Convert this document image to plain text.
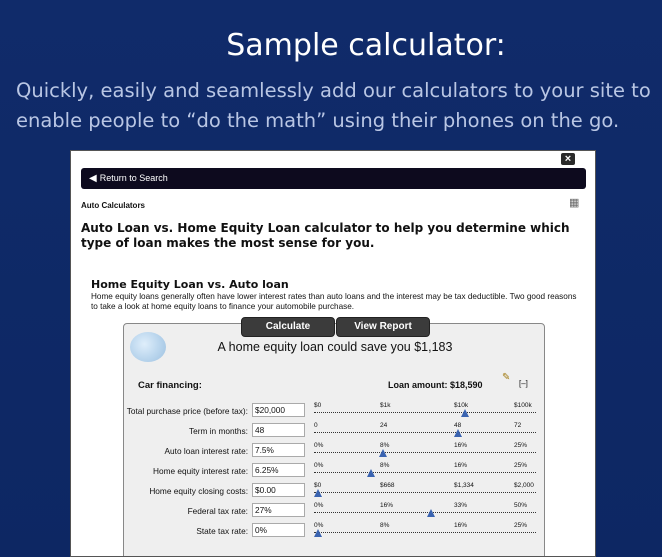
Sample calculator:
Quickly, easily and seamlessly add our calculators to your site to
enable people to “do the math” using their phones on the go.
×
◀ Return to Search
Auto Calculators	▦
Auto Loan vs. Home Equity Loan calculator to help you determine which type of loan makes the most sense for you.
Home Equity Loan vs. Auto loan
Home equity loans generally often have lower interest rates than auto loans and the interest may be tax deductible. Two good reasons to take a look at home equity loans to finance your automobile purchase.
A home equity loan could save you $1,183
Car financing:	Loan amount: $18,590
✎
[–]
Total purchase price (before tax): $20,000	$0	$1k	$10k	$100k
Term in months: 48	0	24	48	72
Auto loan interest rate: 7.5%	0%	8%	16%	25%
Home equity interest rate: 6.25%	0%	8%	16%	25%
Home equity closing costs: $0.00	$0	$668	$1,334	$2,000
Federal tax rate: 27%	0%	16%	33%	50%
State tax rate: 0%	0%	8%	16%	25%
Calculate	View Report
